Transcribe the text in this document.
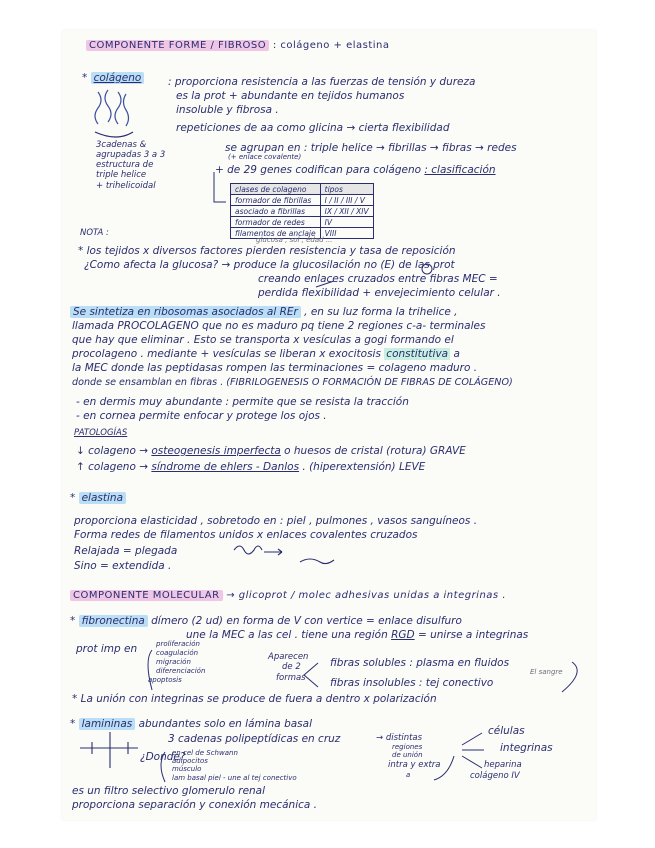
COMPONENTE FORME / FIBROSO : colágeno + elastina
* colágeno	: proporciona resistencia a las fuerzas de tensión y dureza
es la prot + abundante en tejidos humanos
insoluble y fibrosa .
repeticiones de aa como glicina → cierta flexibilidad
3cadenas &
agrupadas 3 a 3
estructura de
triple helice
+ trihelicoidal
se agrupan en : triple helice → fibrillas → fibras → redes
(+ enlace covalente)
+ de 29 genes codifican para colágeno : clasificación
clases de colageno	tipos
formador de fibrillas	I / II / III / V
asociado a fibrillas	IX / XII / XIV
formador de redes	IV
filamentos de anclaje	VIII
NOTA :
glucosa , sol , edad ...
* los tejidos x diversos factores pierden resistencia y tasa de reposición
¿Como afecta la glucosa? → produce la glucosilación no (E) de las prot
creando enlaces cruzados entre fibras MEC =
perdida flexibilidad + envejecimiento celular .
Se sintetiza en ribosomas asociados al REr , en su luz forma la trihelice ,
llamada PROCOLAGENO que no es maduro pq tiene 2 regiones c-a- terminales
que hay que eliminar . Esto se transporta x vesículas a gogi formando el
procolageno . mediante + vesículas se liberan x exocitosis constitutiva a
la MEC donde las peptidasas rompen las terminaciones = colageno maduro .
donde se ensamblan en fibras . (FIBRILOGENESIS O FORMACIÓN DE FIBRAS DE COLÁGENO)
- en dermis muy abundante : permite que se resista la tracción
- en cornea permite enfocar y protege los ojos .
PATOLOGÍAS
↓ colageno → osteogenesis imperfecta o huesos de cristal (rotura) GRAVE
↑ colageno → síndrome de ehlers - Danlos . (hiperextensión) LEVE
* elastina
proporciona elasticidad , sobretodo en : piel , pulmones , vasos sanguíneos .
Forma redes de filamentos unidos x enlaces covalentes cruzados
Relajada = plegada
Sino = extendida .
COMPONENTE MOLECULAR → glicoprot / molec adhesivas unidas a integrinas .
* fibronectina dímero (2 ud) en forma de V con vertice = enlace disulfuro
une la MEC a las cel . tiene una región RGD = unirse a integrinas
prot imp en	proliferación
coagulación
migración
diferenciación
apoptosis
Aparecen
de 2
formas
fibras solubles : plasma en fluidos
El sangre
fibras insolubles : tej conectivo
* La unión con integrinas se produce de fuera a dentro x polarización
* lamininas abundantes solo en lámina basal
3 cadenas polipeptídicas en cruz	→ distintas
regiones
de unión
intra y extra
a
células
integrinas
heparina
colágeno IV
¿Donde?
en cel de Schwann
adipocitos
músculo
lam basal piel - une al tej conectivo
es un filtro selectivo glomerulo renal
proporciona separación y conexión mecánica .
